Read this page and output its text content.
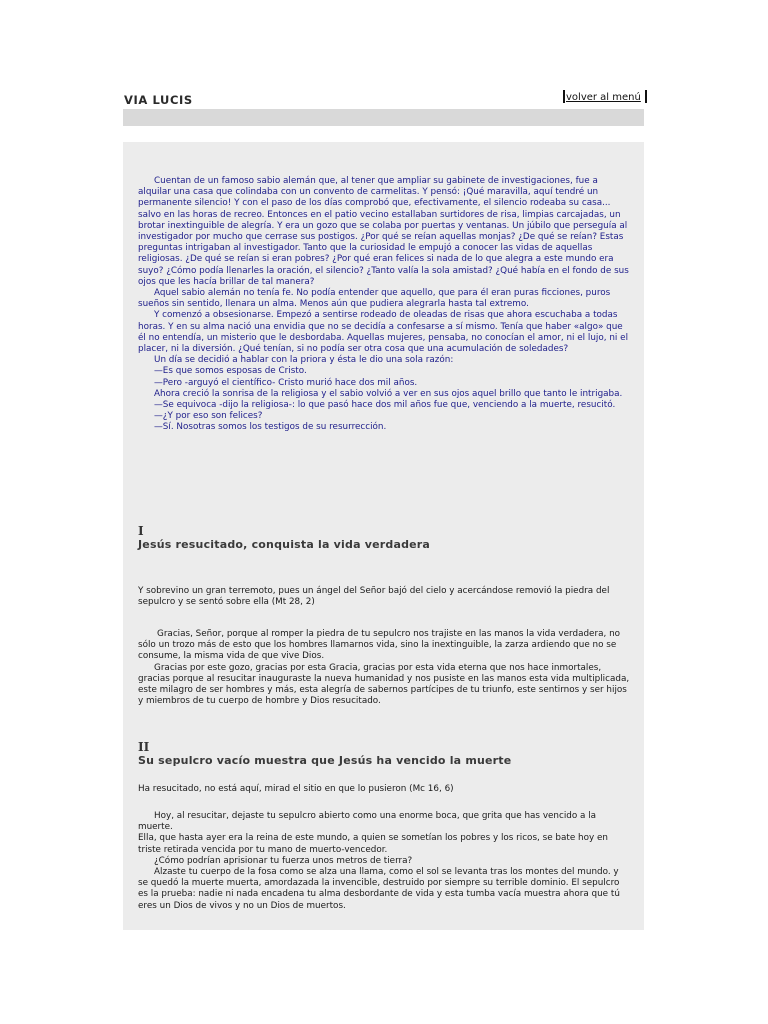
VIA LUCIS	volver al menú

Cuentan de un famoso sabio alemán que, al tener que ampliar su gabinete de investigaciones, fue a alquilar una casa que colindaba con un convento de carmelitas. Y pensó: ¡Qué maravilla, aquí tendré un permanente silencio! Y con el paso de los días comprobó que, efectivamente, el silencio rodeaba su casa... salvo en las horas de recreo. Entonces en el patio vecino estallaban surtidores de risa, limpias carcajadas, un brotar inextinguible de alegría. Y era un gozo que se colaba por puertas y ventanas. Un júbilo que perseguía al investigador por mucho que cerrase sus postigos. ¿Por qué se reían aquellas monjas? ¿De qué se reían? Estas preguntas intrigaban al investigador. Tanto que la curiosidad le empujó a conocer las vidas de aquellas religiosas. ¿De qué se reían si eran pobres? ¿Por qué eran felices si nada de lo que alegra a este mundo era suyo? ¿Cómo podía llenarles la oración, el silencio? ¿Tanto valía la sola amistad? ¿Qué había en el fondo de sus ojos que les hacía brillar de tal manera?

Aquel sabio alemán no tenía fe. No podía entender que aquello, que para él eran puras ficciones, puros sueños sin sentido, llenara un alma. Menos aún que pudiera alegrarla hasta tal extremo.

Y comenzó a obsesionarse. Empezó a sentirse rodeado de oleadas de risas que ahora escuchaba a todas horas. Y en su alma nació una envidia que no se decidía a confesarse a sí mismo. Tenía que haber «algo» que él no entendía, un misterio que le desbordaba. Aquellas mujeres, pensaba, no conocían el amor, ni el lujo, ni el placer, ni la diversión. ¿Qué tenían, si no podía ser otra cosa que una acumulación de soledades?

Un día se decidió a hablar con la priora y ésta le dio una sola razón:

—Es que somos esposas de Cristo.

—Pero -arguyó el científico- Cristo murió hace dos mil años.

Ahora creció la sonrisa de la religiosa y el sabio volvió a ver en sus ojos aquel brillo que tanto le intrigaba.

—Se equivoca -dijo la religiosa-: lo que pasó hace dos mil años fue que, venciendo a la muerte, resucitó.

—¿Y por eso son felices?

—Sí. Nosotras somos los testigos de su resurrección.

I
Jesús resucitado, conquista la vida verdadera

Y sobrevino un gran terremoto, pues un ángel del Señor bajó del cielo y acercándose removió la piedra del sepulcro y se sentó sobre ella (Mt 28, 2)

Gracias, Señor, porque al romper la piedra de tu sepulcro nos trajiste en las manos la vida verdadera, no sólo un trozo más de esto que los hombres llamarnos vida, sino la inextinguible, la zarza ardiendo que no se consume, la misma vida de que vive Dios.

Gracias por este gozo, gracias por esta Gracia, gracias por esta vida eterna que nos hace inmortales, gracias porque al resucitar inauguraste la nueva humanidad y nos pusiste en las manos esta vida multiplicada, este milagro de ser hombres y más, esta alegría de sabernos partícipes de tu triunfo, este sentirnos y ser hijos y miembros de tu cuerpo de hombre y Dios resucitado.

II
Su sepulcro vacío muestra que Jesús ha vencido la muerte

Ha resucitado, no está aquí, mirad el sitio en que lo pusieron (Mc 16, 6)

Hoy, al resucitar, dejaste tu sepulcro abierto como una enorme boca, que grita que has vencido a la muerte.

Ella, que hasta ayer era la reina de este mundo, a quien se sometían los pobres y los ricos, se bate hoy en triste retirada vencida por tu mano de muerto-vencedor.

¿Cómo podrían aprisionar tu fuerza unos metros de tierra?

Alzaste tu cuerpo de la fosa como se alza una llama, como el sol se levanta tras los montes del mundo. y se quedó la muerte muerta, amordazada la invencible, destruido por siempre su terrible dominio. El sepulcro es la prueba: nadie ni nada encadena tu alma desbordante de vida y esta tumba vacía muestra ahora que tú eres un Dios de vivos y no un Dios de muertos.
